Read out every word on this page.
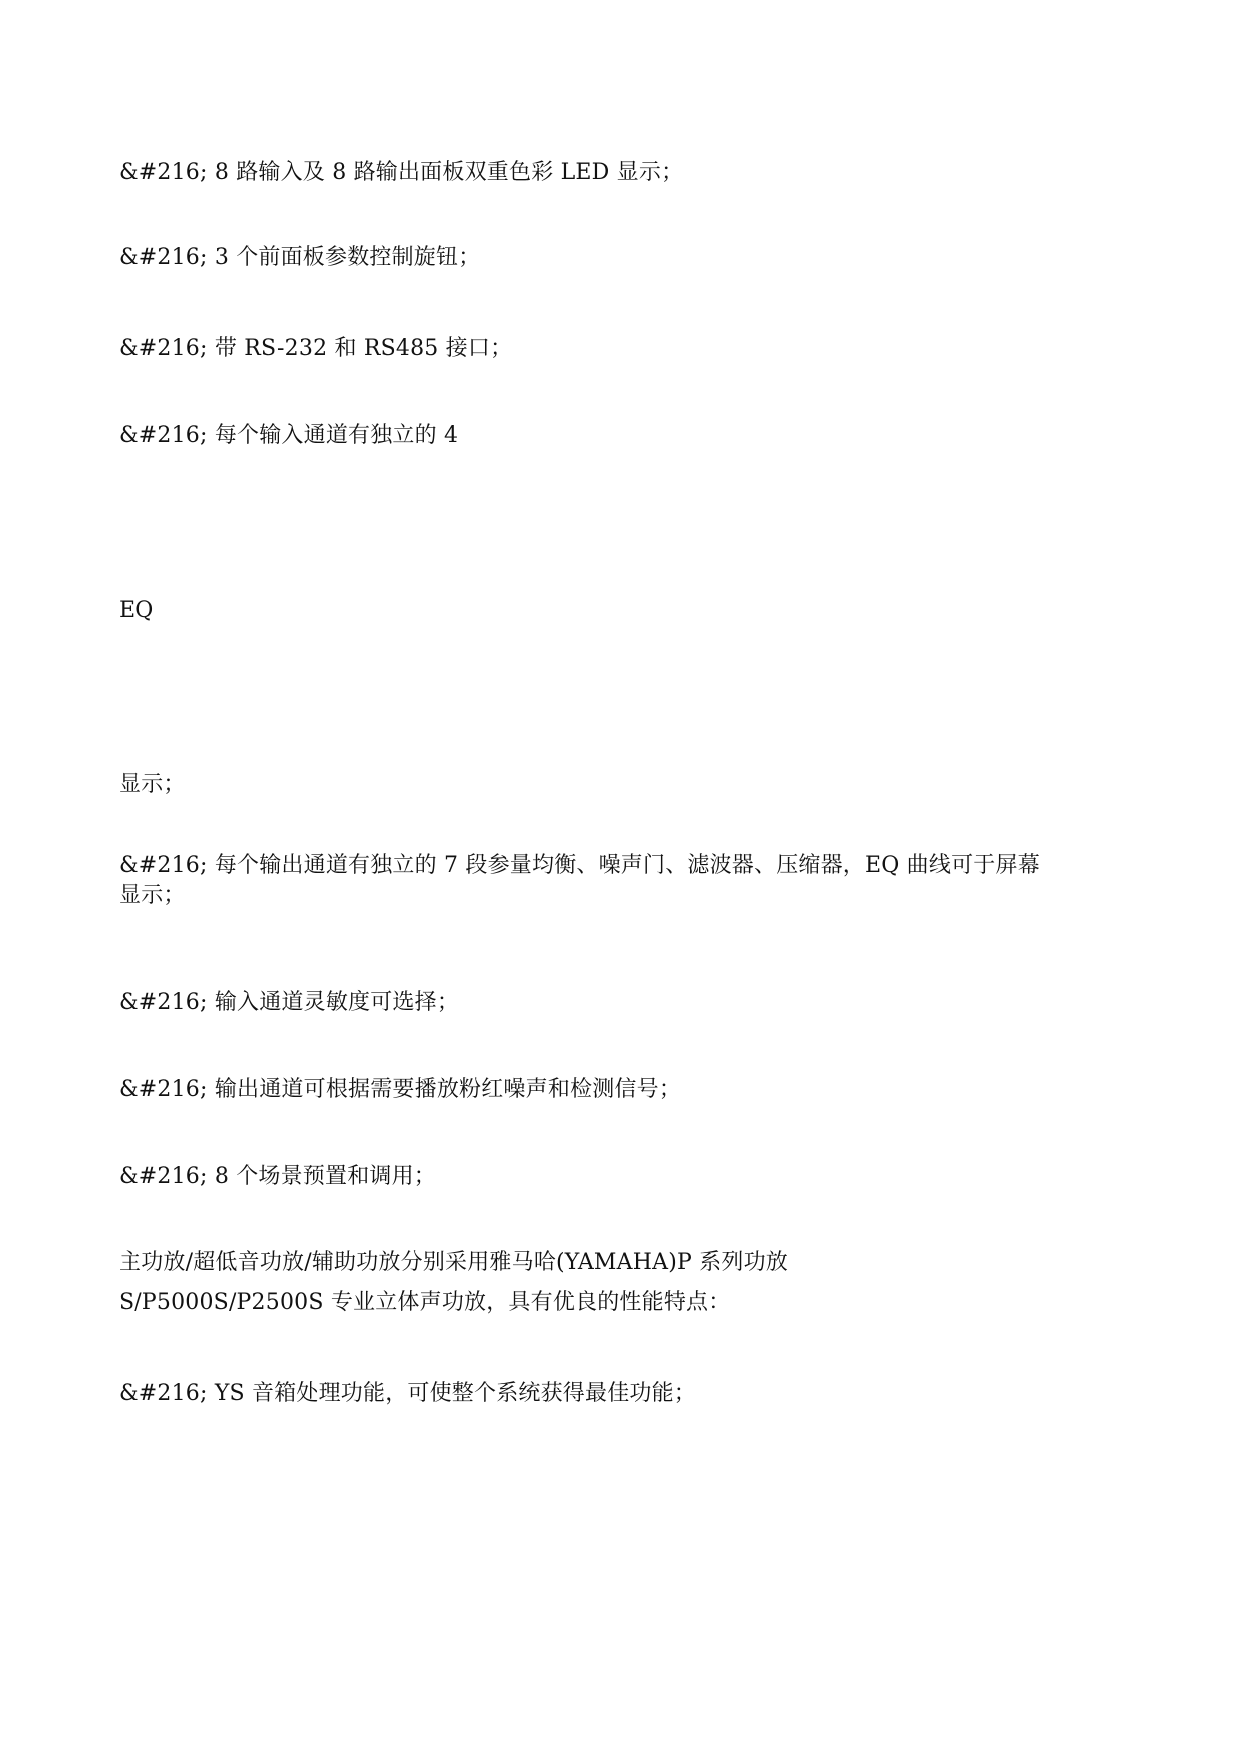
&#216; 8 路输入及 8 路输出面板双重色彩 LED 显示；
&#216; 3 个前面板参数控制旋钮；
&#216; 带 RS-232 和 RS485 接口；
&#216; 每个输入通道有独立的 4
EQ
显示；
&#216; 每个输出通道有独立的 7 段参量均衡、噪声门、滤波器、压缩器，EQ 曲线可于屏幕
显示；
&#216; 输入通道灵敏度可选择；
&#216; 输出通道可根据需要播放粉红噪声和检测信号；
&#216; 8 个场景预置和调用；
主功放/超低音功放/辅助功放分别采用雅马哈(YAMAHA)P 系列功放
S/P5000S/P2500S 专业立体声功放，具有优良的性能特点：
&#216; YS 音箱处理功能，可使整个系统获得最佳功能；
